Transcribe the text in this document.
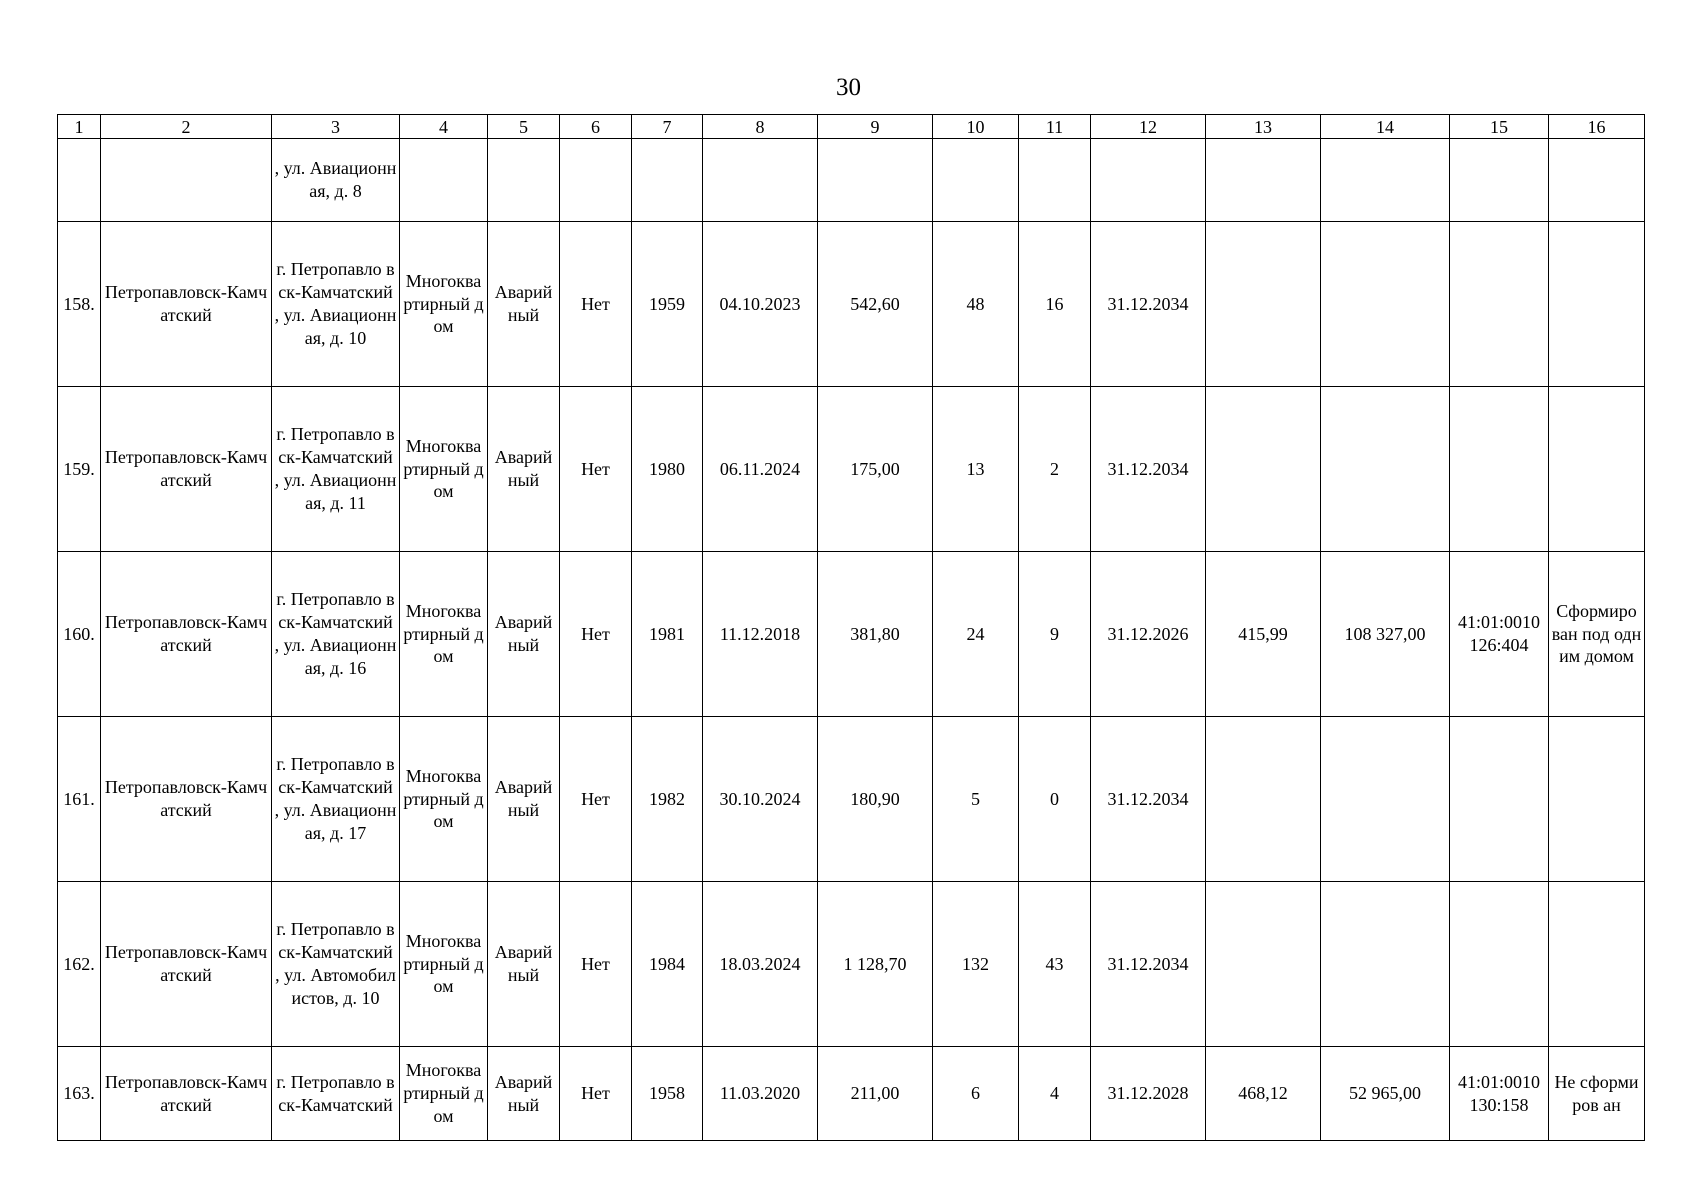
30
1	2	3	4	5	6	7	8	9	10	11	12	13	14	15	16
		, ул. Авиационн ая, д. 8													
158.	Петропавловск-Камчатский	г. Петропавло вск-Камчатский , ул. Авиационн ая, д. 10	Многоква ртирный дом	Аварий ный	Нет	1959	04.10.2023	542,60	48	16	31.12.2034				
159.	Петропавловск-Камчатский	г. Петропавло вск-Камчатский , ул. Авиационн ая, д. 11	Многоква ртирный дом	Аварий ный	Нет	1980	06.11.2024	175,00	13	2	31.12.2034				
160.	Петропавловск-Камчатский	г. Петропавло вск-Камчатский , ул. Авиационн ая, д. 16	Многоква ртирный дом	Аварий ный	Нет	1981	11.12.2018	381,80	24	9	31.12.2026	415,99	108 327,00	41:01:0010 126:404	Сформиро ван под одним домом
161.	Петропавловск-Камчатский	г. Петропавло вск-Камчатский , ул. Авиационн ая, д. 17	Многоква ртирный дом	Аварий ный	Нет	1982	30.10.2024	180,90	5	0	31.12.2034				
162.	Петропавловск-Камчатский	г. Петропавло вск-Камчатский , ул. Автомобил истов, д. 10	Многоква ртирный дом	Аварий ный	Нет	1984	18.03.2024	1 128,70	132	43	31.12.2034				
163.	Петропавловск-Камчатский	г. Петропавло вск-Камчатский	Многоква ртирный дом	Аварий ный	Нет	1958	11.03.2020	211,00	6	4	31.12.2028	468,12	52 965,00	41:01:0010 130:158	Не сформиров ан
